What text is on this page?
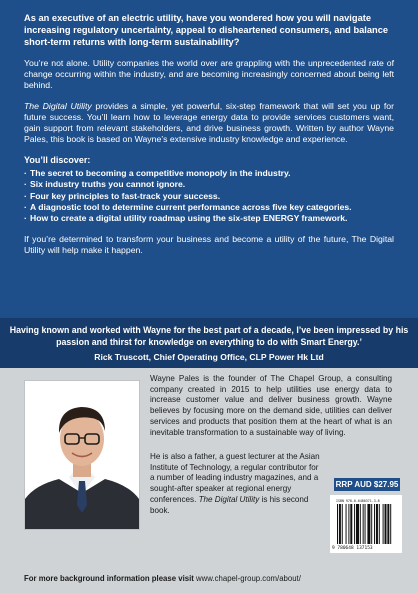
As an executive of an electric utility, have you wondered how you will navigate increasing regulatory uncertainty, appeal to disheartened consumers, and balance short-term returns with long-term sustainability?

You’re not alone. Utility companies the world over are grappling with the unprecedented rate of change occurring within the industry, and are becoming increasingly concerned about being left behind.

The Digital Utility provides a simple, yet powerful, six-step framework that will set you up for future success. You’ll learn how to leverage energy data to provide services customers want, gain support from relevant stakeholders, and drive business growth. Written by author Wayne Pales, this book is based on Wayne’s extensive industry knowledge and experience.

You’ll discover:

· The secret to becoming a competitive monopoly in the industry.
· Six industry truths you cannot ignore.
· Four key principles to fast-track your success.
· A diagnostic tool to determine current performance across five key categories.
· How to create a digital utility roadmap using the six-step ENERGY framework.

If you’re determined to transform your business and become a utility of the future, The Digital Utility will help make it happen.

Having known and worked with Wayne for the best part of a decade, I’ve been impressed by his passion and thirst for knowledge on everything to do with Smart Energy.’

Rick Truscott, Chief Operating Office, CLP Power Hk Ltd

Wayne Pales is the founder of The Chapel Group, a consulting company created in 2015 to help utilities use energy data to increase customer value and deliver business growth. Wayne believes by focusing more on the demand side, utilities can deliver services and products that position them at the heart of what is an inevitable transformation to a sustainable way of living.

He is also a father, a guest lecturer at the Asian Institute of Technology, a regular contributor for a number of leading industry magazines, and a sought-after speaker at regional energy conferences. The Digital Utility is his second book.

RRP AUD $27.95
ISBN 978-0-6480371-3-8
9 780648 137153

For more background information please visit www.chapel-group.com/about/
